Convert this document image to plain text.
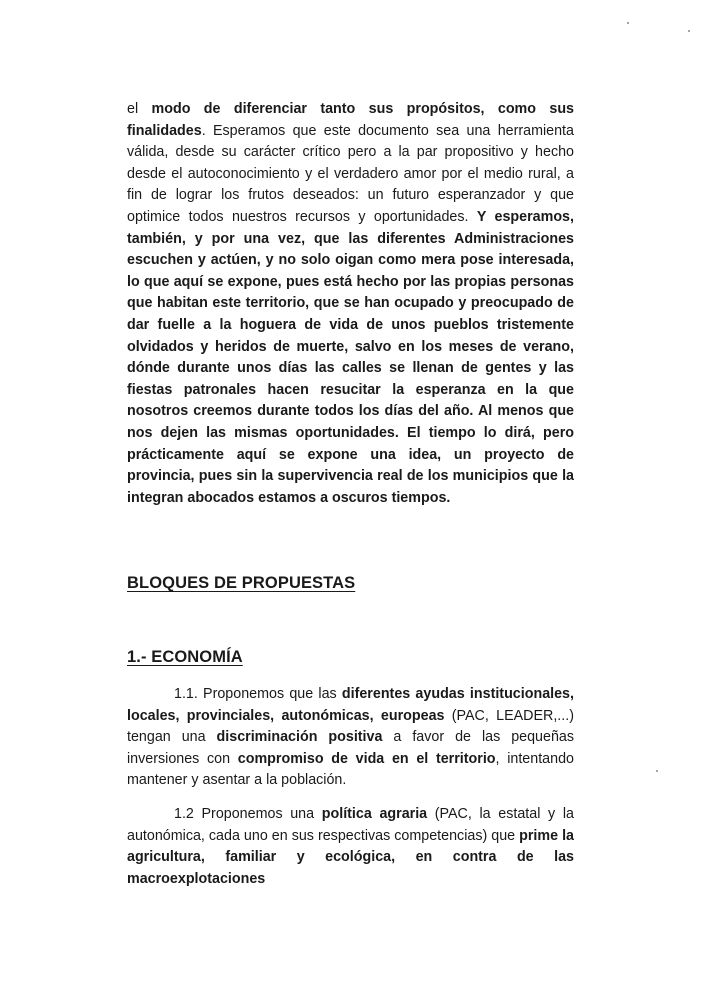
el modo de diferenciar tanto sus propósitos, como sus finalidades. Esperamos que este documento sea una herramienta válida, desde su carácter crítico pero a la par propositivo y hecho desde el autoconocimiento y el verdadero amor por el medio rural, a fin de lograr los frutos deseados: un futuro esperanzador y que optimice todos nuestros recursos y oportunidades. Y esperamos, también, y por una vez, que las diferentes Administraciones escuchen y actúen, y no solo oigan como mera pose interesada, lo que aquí se expone, pues está hecho por las propias personas que habitan este territorio, que se han ocupado y preocupado de dar fuelle a la hoguera de vida de unos pueblos tristemente olvidados y heridos de muerte, salvo en los meses de verano, dónde durante unos días las calles se llenan de gentes y las fiestas patronales hacen resucitar la esperanza en la que nosotros creemos durante todos los días del año. Al menos que nos dejen las mismas oportunidades. El tiempo lo dirá, pero prácticamente aquí se expone una idea, un proyecto de provincia, pues sin la supervivencia real de los municipios que la integran abocados estamos a oscuros tiempos.

BLOQUES DE PROPUESTAS
1.- ECONOMÍA

1.1. Proponemos que las diferentes ayudas institucionales, locales, provinciales, autonómicas, europeas (PAC, LEADER,...) tengan una discriminación positiva a favor de las pequeñas inversiones con compromiso de vida en el territorio, intentando mantener y asentar a la población.

1.2 Proponemos una política agraria (PAC, la estatal y la autonómica, cada uno en sus respectivas competencias) que prime la agricultura, familiar y ecológica, en contra de las macroexplotaciones
